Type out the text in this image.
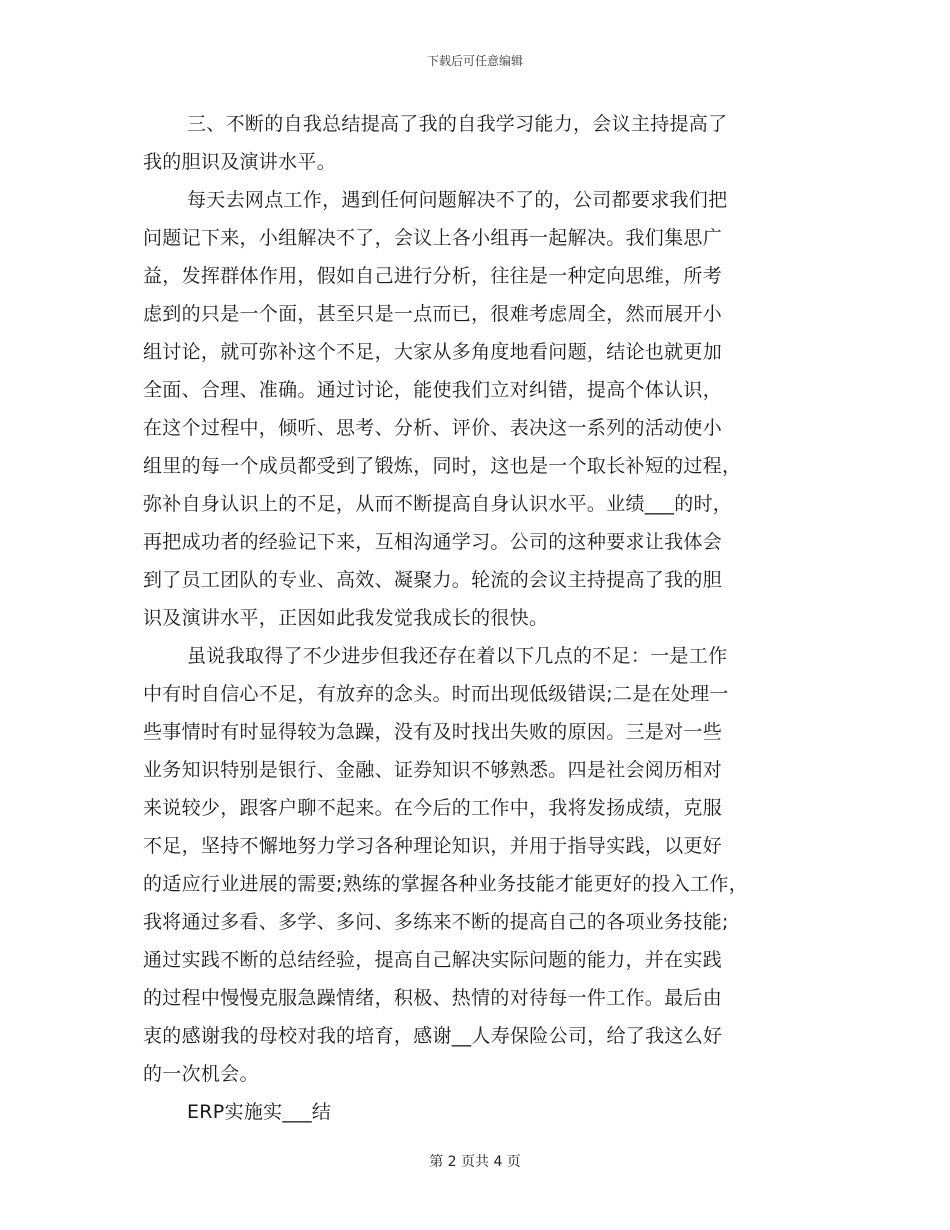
下载后可任意编辑
三、不断的自我总结提高了我的自我学习能力，会议主持提高了
我的胆识及演讲水平。
每天去网点工作，遇到任何问题解决不了的，公司都要求我们把
问题记下来，小组解决不了，会议上各小组再一起解决。我们集思广
益，发挥群体作用，假如自己进行分析，往往是一种定向思维，所考
虑到的只是一个面，甚至只是一点而已，很难考虑周全，然而展开小
组讨论，就可弥补这个不足，大家从多角度地看问题，结论也就更加
全面、合理、准确。通过讨论，能使我们立对纠错，提高个体认识，
在这个过程中，倾听、思考、分析、评价、表决这一系列的活动使小
组里的每一个成员都受到了锻炼，同时，这也是一个取长补短的过程，
弥补自身认识上的不足，从而不断提高自身认识水平。业绩___的时，
再把成功者的经验记下来，互相沟通学习。公司的这种要求让我体会
到了员工团队的专业、高效、凝聚力。轮流的会议主持提高了我的胆
识及演讲水平，正因如此我发觉我成长的很快。
虽说我取得了不少进步但我还存在着以下几点的不足：一是工作
中有时自信心不足，有放弃的念头。时而出现低级错误;二是在处理一
些事情时有时显得较为急躁，没有及时找出失败的原因。三是对一些
业务知识特别是银行、金融、证券知识不够熟悉。四是社会阅历相对
来说较少，跟客户聊不起来。在今后的工作中，我将发扬成绩，克服
不足，坚持不懈地努力学习各种理论知识，并用于指导实践，以更好
的适应行业进展的需要;熟练的掌握各种业务技能才能更好的投入工作，
我将通过多看、多学、多问、多练来不断的提高自己的各项业务技能;
通过实践不断的总结经验，提高自己解决实际问题的能力，并在实践
的过程中慢慢克服急躁情绪，积极、热情的对待每一件工作。最后由
衷的感谢我的母校对我的培育，感谢__人寿保险公司，给了我这么好
的一次机会。
ERP实施实___结
第 2 页共 4 页
